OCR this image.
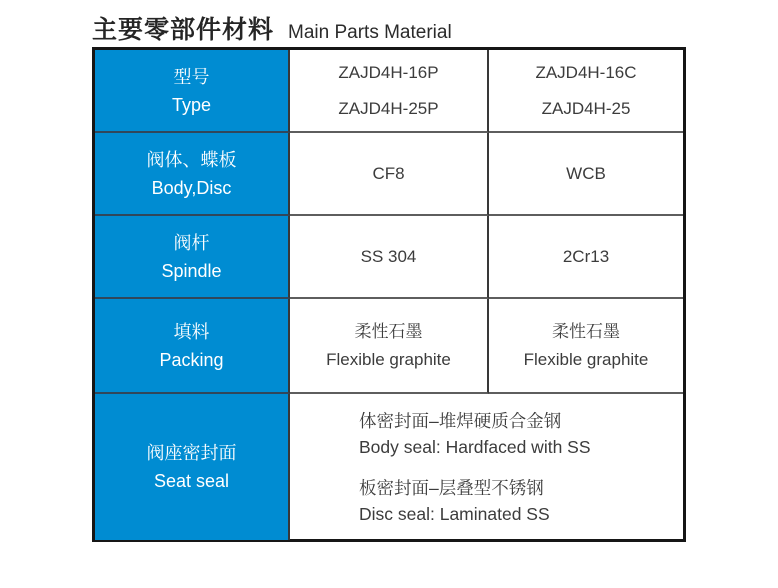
主要零部件材料 Main Parts Material
型号
Type
ZAJD4H-16P
ZAJD4H-25P
ZAJD4H-16C
ZAJD4H-25
阀体、蝶板
Body,Disc
CF8	WCB
阀杆
Spindle
SS 304	2Cr13
填料
Packing
柔性石墨
Flexible graphite
柔性石墨
Flexible graphite
阀座密封面
Seat seal
体密封面–堆焊硬质合金钢
Body seal: Hardfaced with SS
板密封面–层叠型不锈钢
Disc seal: Laminated SS
